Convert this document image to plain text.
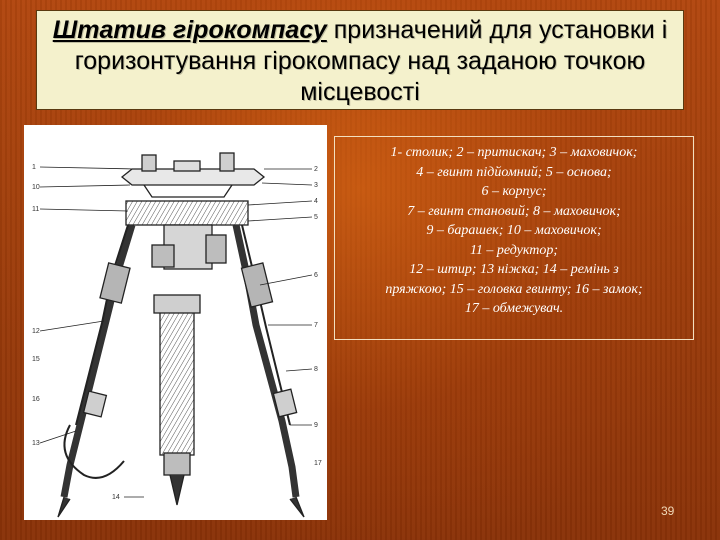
Штатив гірокомпасу призначений для установки і горизонтування гірокомпасу над заданою точкою місцевості
1	2
3
4
5
6
7
8
9
10
11
12
13
14
15
16
17

1- столик; 2 – притискач; 3 – маховичок;

4 – гвинт підйомний; 5 – основа;

6 – корпус;

7 – гвинт становий; 8 – маховичок;

9 – барашек; 10 – маховичок;

11 – редуктор;

12 – штир; 13 ніжка; 14 – ремінь з

пряжкою; 15 – головка гвинту; 16 – замок;

17 – обмежувач.

39
